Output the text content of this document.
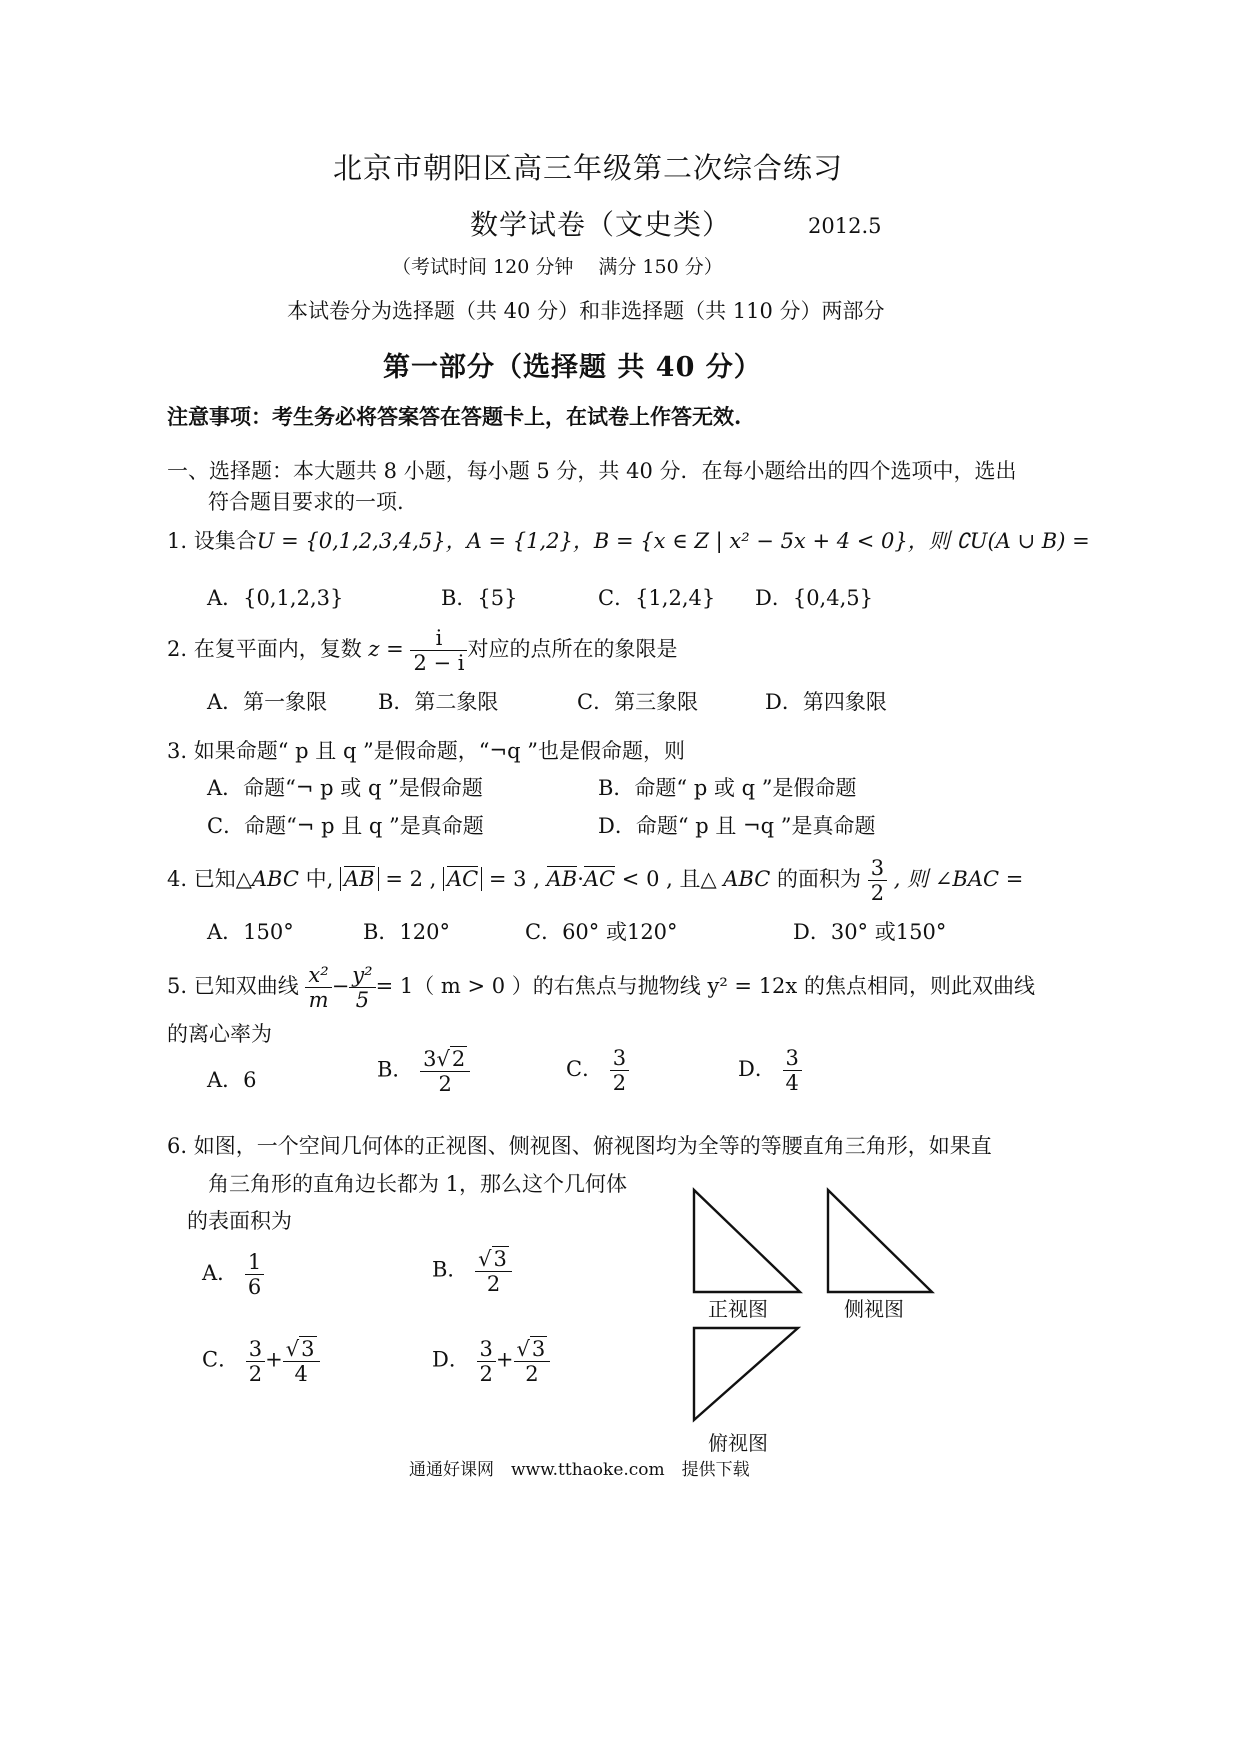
北京市朝阳区高三年级第二次综合练习
数学试卷（文史类）	2012.5
（考试时间 120 分钟　 满分 150 分）
本试卷分为选择题（共 40 分）和非选择题（共 110 分）两部分
第一部分（选择题 共 40 分）
注意事项：考生务必将答案答在答题卡上，在试卷上作答无效.
一、选择题：本大题共 8 小题，每小题 5 分，共 40 分．在每小题给出的四个选项中，选出
符合题目要求的一项.
1. 设集合U = {0,1,2,3,4,5}，A = {1,2}，B = {x ∈ Z | x² − 5x + 4 < 0}，则 ∁U(A ∪ B) =
A．{0,1,2,3}	B．{5}	C．{1,2,4} D．{0,4,5}
2. 在复平面内，复数 $z = \frac{i}{2 - i}$ 对应的点所在的象限是
A．第一象限 B．第二象限	C．第三象限	D．第四象限
3. 如果命题“ p 且 q ”是假命题，“¬q ”也是假命题，则
A．命题“¬ p 或 q ”是假命题	B．命题“ p 或 q ”是假命题
C．命题“¬ p 且 q ”是真命题	D．命题“ p 且 ¬q ”是真命题
4. 已知△ABC 中, AB = 2 , AC = 3 , AB·AC < 0 , 且△ ABC 的面积为 $\frac{3}{2}$ , 则 ∠BAC =
A．150°	B．120°	C．60° 或120°	D．30° 或150°
5. 已知双曲线 $\frac{\text{x²}}{m} - \frac{\text{y²}}{5} = 1$（ m > 0 ）的右焦点与抛物线 y² = 12x 的焦点相同，则此双曲线
的离心率为
A．6	B． $\frac{3√2}{2}$	C． $\frac{3}{2}$	D． $\frac{3}{4}$
6. 如图，一个空间几何体的正视图、侧视图、俯视图均为全等的等腰直角三角形，如果直
角三角形的直角边长都为 1，那么这个几何体
的表面积为
A． $\frac{1}{6}$	B． $\frac{√3}{2}$
C． $\frac{3}{2} + \frac{√3}{4}$	D． $\frac{3}{2} + \frac{√3}{2}$
正视图	侧视图
俯视图
通通好课网　www.tthaoke.com　提供下载
